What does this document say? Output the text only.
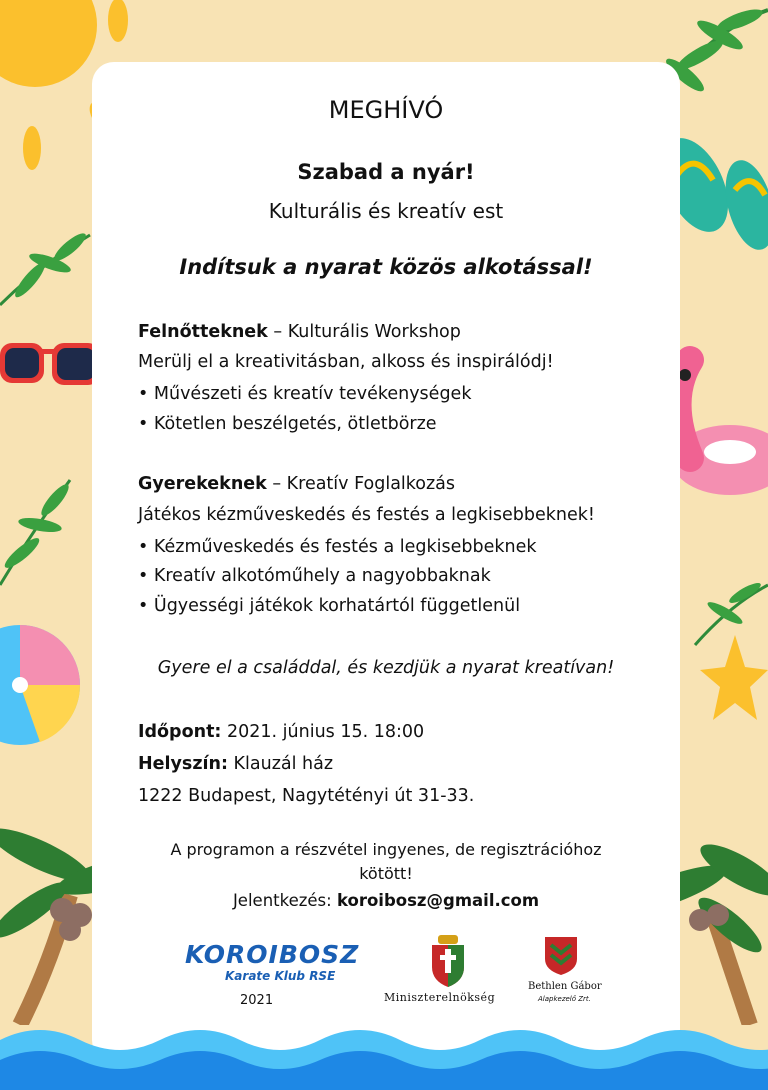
MEGHÍVÓ
Szabad a nyár!
Kulturális és kreatív est
Indítsuk a nyarat közös alkotással!
Felnőtteknek – Kulturális Workshop
Merülj el a kreativitásban, alkoss és inspirálódj!
• Művészeti és kreatív tevékenységek
• Kötetlen beszélgetés, ötletbörze
Gyerekeknek – Kreatív Foglalkozás
Játékos kézműveskedés és festés a legkisebbeknek!
• Kézműveskedés és festés a legkisebbeknek
• Kreatív alkotóműhely a nagyobbaknak
• Ügyességi játékok korhatártól függetlenül
Gyere el a családdal, és kezdjük a nyarat kreatívan!
Időpont: 2021. június 15. 18:00
Helyszín: Klauzál ház
1222 Budapest, Nagytétényi út 31-33.
A programon a részvétel ingyenes, de regisztrációhoz
kötött!
Jelentkezés: koroibosz@gmail.com
KOROIBOSZ
Karate Klub RSE
2021	Miniszterelnökség
Bethlen Gábor
Alapkezelő Zrt.
